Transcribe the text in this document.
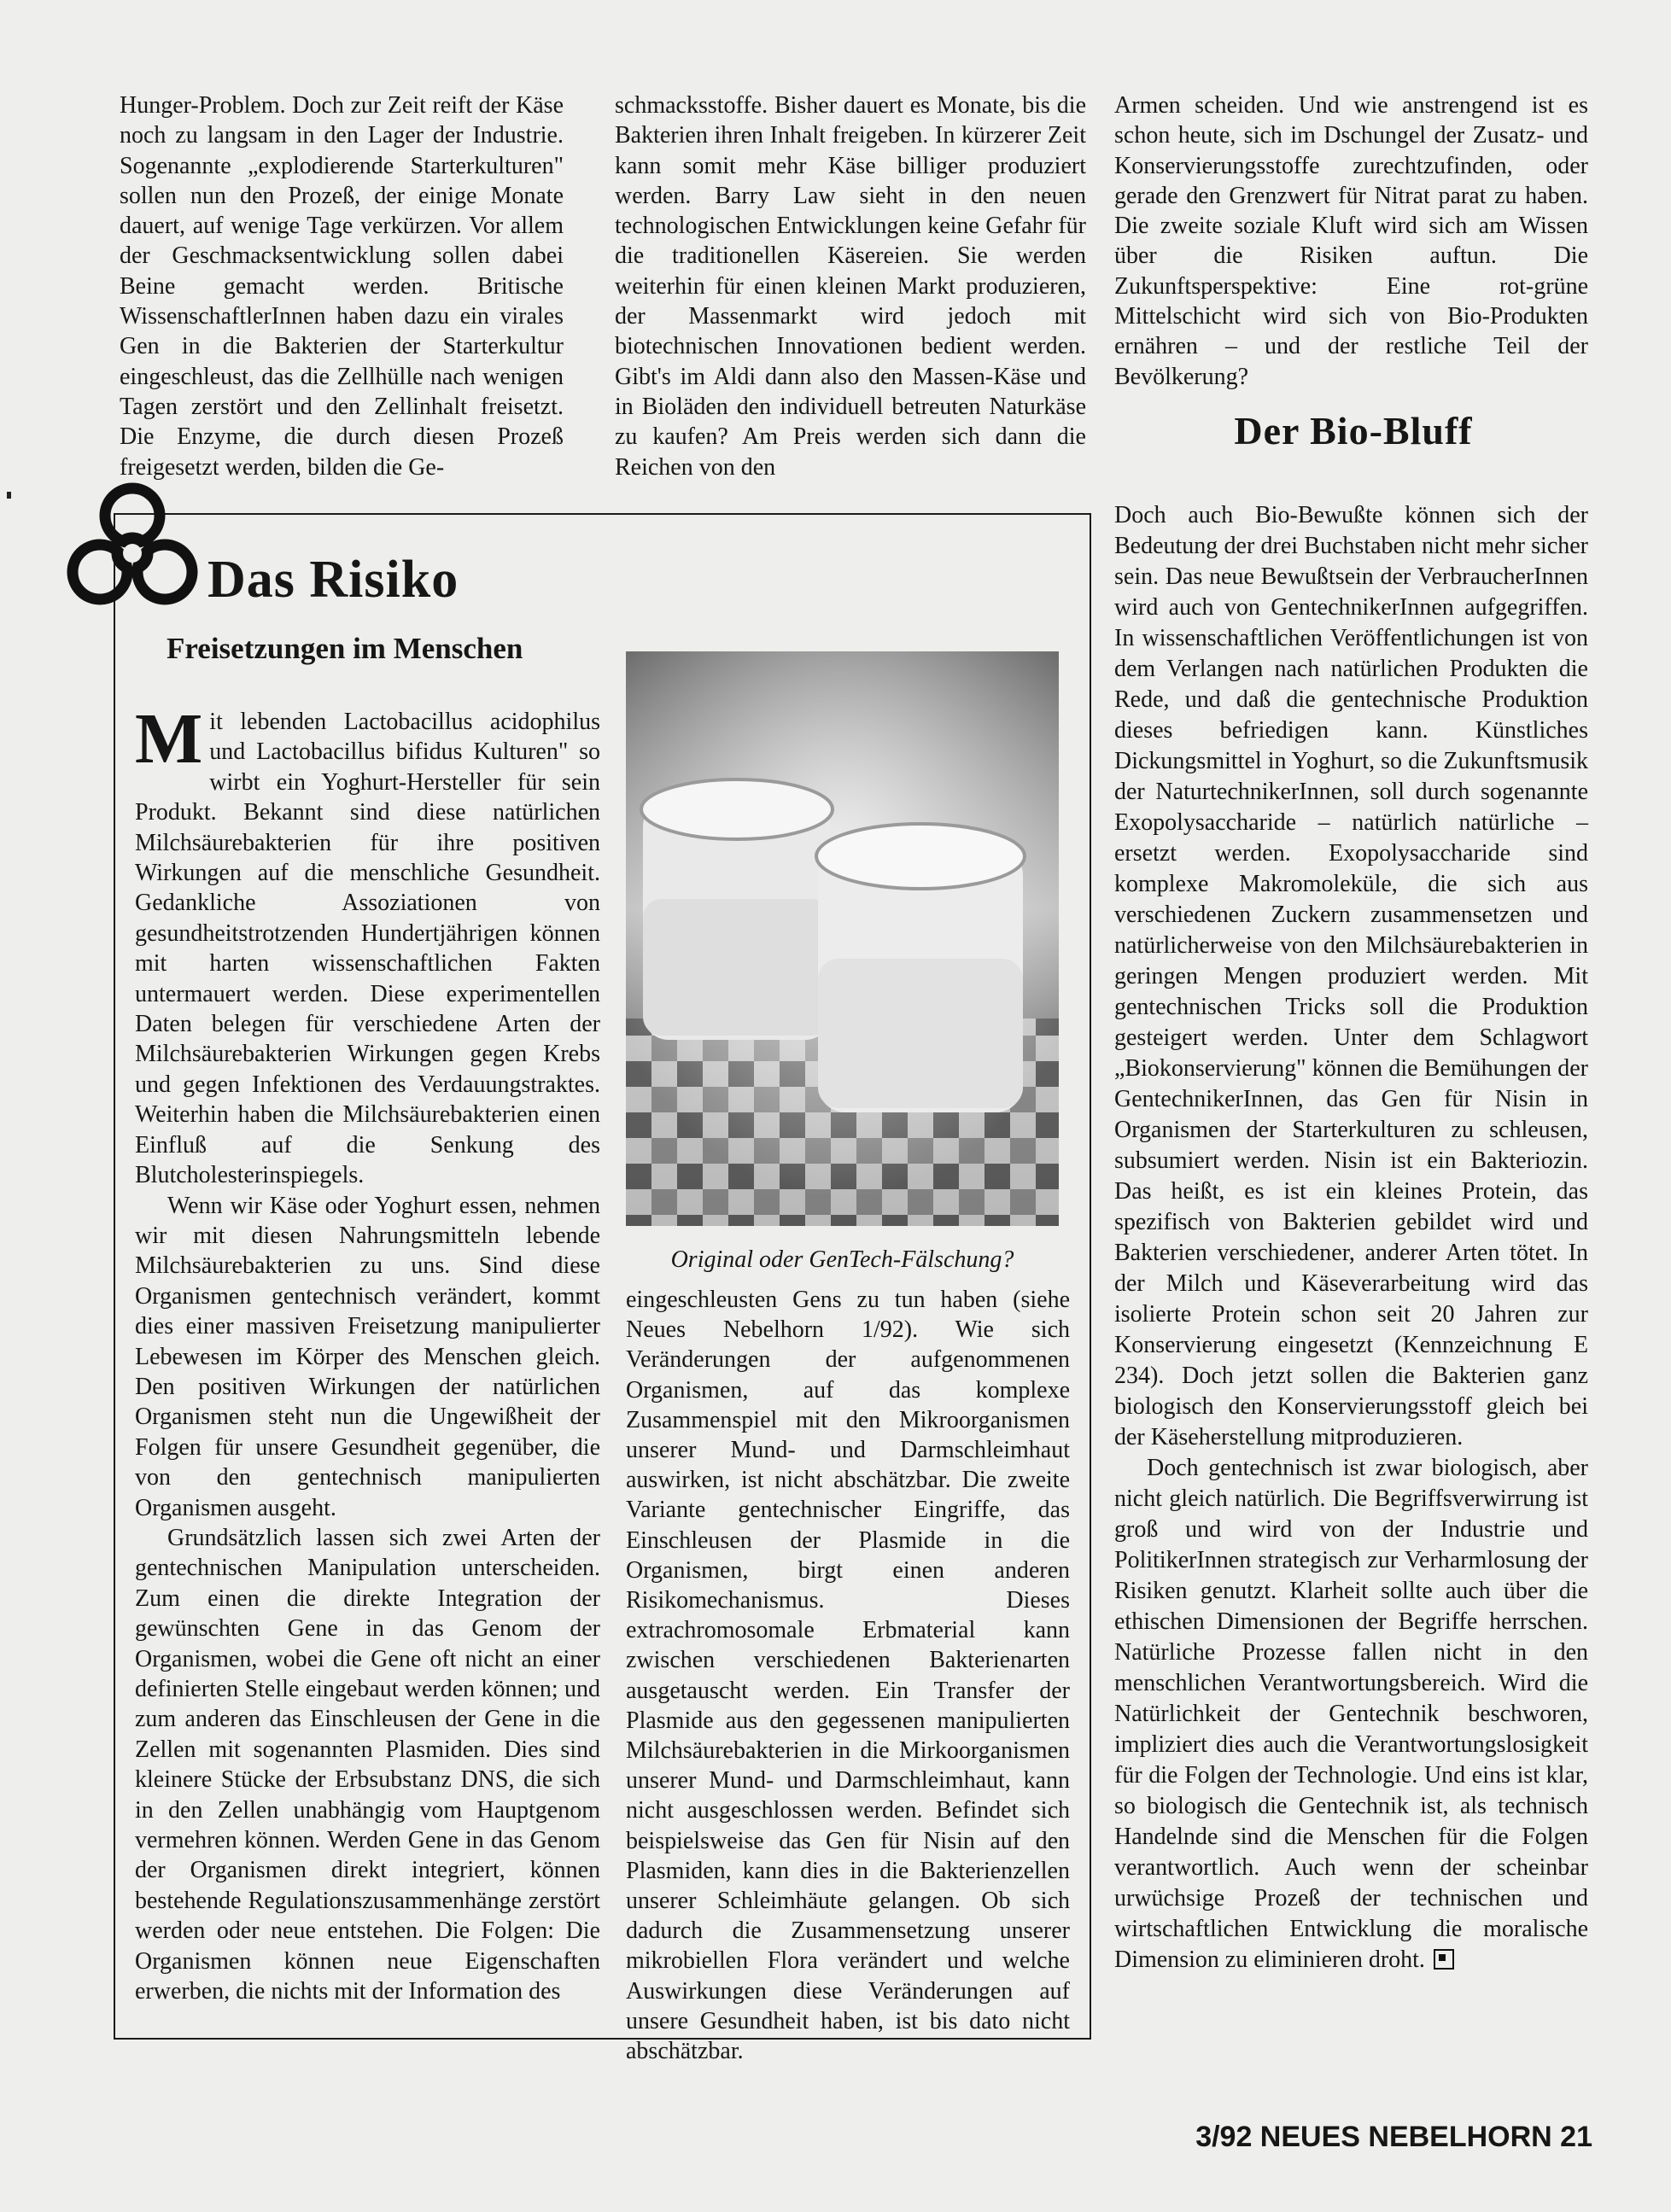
Hunger-Problem. Doch zur Zeit reift der Käse noch zu langsam in den Lager der Industrie. Sogenannte „explodierende Starterkulturen" sollen nun den Prozeß, der einige Monate dauert, auf wenige Tage verkürzen. Vor allem der Geschmacksentwicklung sollen dabei Beine gemacht werden. Britische WissenschaftlerInnen haben dazu ein virales Gen in die Bakterien der Starterkultur eingeschleust, das die Zellhülle nach wenigen Tagen zerstört und den Zellinhalt freisetzt. Die Enzyme, die durch diesen Prozeß freigesetzt werden, bilden die Ge-

schmacksstoffe. Bisher dauert es Monate, bis die Bakterien ihren Inhalt freigeben. In kürzerer Zeit kann somit mehr Käse billiger produziert werden. Barry Law sieht in den neuen technologischen Entwicklungen keine Gefahr für die traditionellen Käsereien. Sie werden weiterhin für einen kleinen Markt produzieren, der Massenmarkt wird jedoch mit biotechnischen Innovationen bedient werden. Gibt's im Aldi dann also den Massen-Käse und in Bioläden den individuell betreuten Naturkäse zu kaufen? Am Preis werden sich dann die Reichen von den

Armen scheiden. Und wie anstrengend ist es schon heute, sich im Dschungel der Zusatz- und Konservierungsstoffe zurechtzufinden, oder gerade den Grenzwert für Nitrat parat zu haben. Die zweite soziale Kluft wird sich am Wissen über die Risiken auftun. Die Zukunftsperspektive: Eine rot-grüne Mittelschicht wird sich von Bio-Produkten ernähren – und der restliche Teil der Bevölkerung?

Der Bio-Bluff

Doch auch Bio-Bewußte können sich der Bedeutung der drei Buchstaben nicht mehr sicher sein. Das neue Bewußtsein der VerbraucherInnen wird auch von GentechnikerInnen aufgegriffen. In wissenschaftlichen Veröffentlichungen ist von dem Verlangen nach natürlichen Produkten die Rede, und daß die gentechnische Produktion dieses befriedigen kann. Künstliches Dickungsmittel in Yoghurt, so die Zukunftsmusik der NaturtechnikerInnen, soll durch sogenannte Exopolysaccharide – natürlich natürliche – ersetzt werden. Exopolysaccharide sind komplexe Makromoleküle, die sich aus verschiedenen Zuckern zusammensetzen und natürlicherweise von den Milchsäurebakterien in geringen Mengen produziert werden. Mit gentechnischen Tricks soll die Produktion gesteigert werden. Unter dem Schlagwort „Biokonservierung" können die Bemühungen der GentechnikerInnen, das Gen für Nisin in Organismen der Starterkulturen zu schleusen, subsumiert werden. Nisin ist ein Bakteriozin. Das heißt, es ist ein kleines Protein, das spezifisch von Bakterien gebildet wird und Bakterien verschiedener, anderer Arten tötet. In der Milch und Käseverarbeitung wird das isolierte Protein schon seit 20 Jahren zur Konservierung eingesetzt (Kennzeichnung E 234). Doch jetzt sollen die Bakterien ganz biologisch den Konservierungsstoff gleich bei der Käseherstellung mitproduzieren.

Doch gentechnisch ist zwar biologisch, aber nicht gleich natürlich. Die Begriffsverwirrung ist groß und wird von der Industrie und PolitikerInnen strategisch zur Verharmlosung der Risiken genutzt. Klarheit sollte auch über die ethischen Dimensionen der Begriffe herrschen. Natürliche Prozesse fallen nicht in den menschlichen Verantwortungsbereich. Wird die Natürlichkeit der Gentechnik beschworen, impliziert dies auch die Verantwortungslosigkeit für die Folgen der Technologie. Und eins ist klar, so biologisch die Gentechnik ist, als technisch Handelnde sind die Menschen für die Folgen verantwortlich. Auch wenn der scheinbar urwüchsige Prozeß der technischen und wirtschaftlichen Entwicklung die moralische Dimension zu eliminieren droht.

Das Risiko
Freisetzungen im Menschen

Mit lebenden Lactobacillus acidophilus und Lactobacillus bifidus Kulturen" so wirbt ein Yoghurt-Hersteller für sein Produkt. Bekannt sind diese natürlichen Milchsäurebakterien für ihre positiven Wirkungen auf die menschliche Gesundheit. Gedankliche Assoziationen von gesundheitstrotzenden Hundertjährigen können mit harten wissenschaftlichen Fakten untermauert werden. Diese experimentellen Daten belegen für verschiedene Arten der Milchsäurebakterien Wirkungen gegen Krebs und gegen Infektionen des Verdauungstraktes. Weiterhin haben die Milchsäurebakterien einen Einfluß auf die Senkung des Blutcholesterinspiegels.

Wenn wir Käse oder Yoghurt essen, nehmen wir mit diesen Nahrungsmitteln lebende Milchsäurebakterien zu uns. Sind diese Organismen gentechnisch verändert, kommt dies einer massiven Freisetzung manipulierter Lebewesen im Körper des Menschen gleich. Den positiven Wirkungen der natürlichen Organismen steht nun die Ungewißheit der Folgen für unsere Gesundheit gegenüber, die von den gentechnisch manipulierten Organismen ausgeht.

Grundsätzlich lassen sich zwei Arten der gentechnischen Manipulation unterscheiden. Zum einen die direkte Integration der gewünschten Gene in das Genom der Organismen, wobei die Gene oft nicht an einer definierten Stelle eingebaut werden können; und zum anderen das Einschleusen der Gene in die Zellen mit sogenannten Plasmiden. Dies sind kleinere Stücke der Erbsubstanz DNS, die sich in den Zellen unabhängig vom Hauptgenom vermehren können. Werden Gene in das Genom der Organismen direkt integriert, können bestehende Regulationszusammenhänge zerstört werden oder neue entstehen. Die Folgen: Die Organismen können neue Eigenschaften erwerben, die nichts mit der Information des

Original oder GenTech-Fälschung?

eingeschleusten Gens zu tun haben (siehe Neues Nebelhorn 1/92). Wie sich Veränderungen der aufgenommenen Organismen, auf das komplexe Zusammenspiel mit den Mikroorganismen unserer Mund- und Darmschleimhaut auswirken, ist nicht abschätzbar. Die zweite Variante gentechnischer Eingriffe, das Einschleusen der Plasmide in die Organismen, birgt einen anderen Risikomechanismus. Dieses extrachromosomale Erbmaterial kann zwischen verschiedenen Bakterienarten ausgetauscht werden. Ein Transfer der Plasmide aus den gegessenen manipulierten Milchsäurebakterien in die Mirkoorganismen unserer Mund- und Darmschleimhaut, kann nicht ausgeschlossen werden. Befindet sich beispielsweise das Gen für Nisin auf den Plasmiden, kann dies in die Bakterienzellen unserer Schleimhäute gelangen. Ob sich dadurch die Zusammensetzung unserer mikrobiellen Flora verändert und welche Auswirkungen diese Veränderungen auf unsere Gesundheit haben, ist bis dato nicht abschätzbar.

3/92 NEUES NEBELHORN 21
